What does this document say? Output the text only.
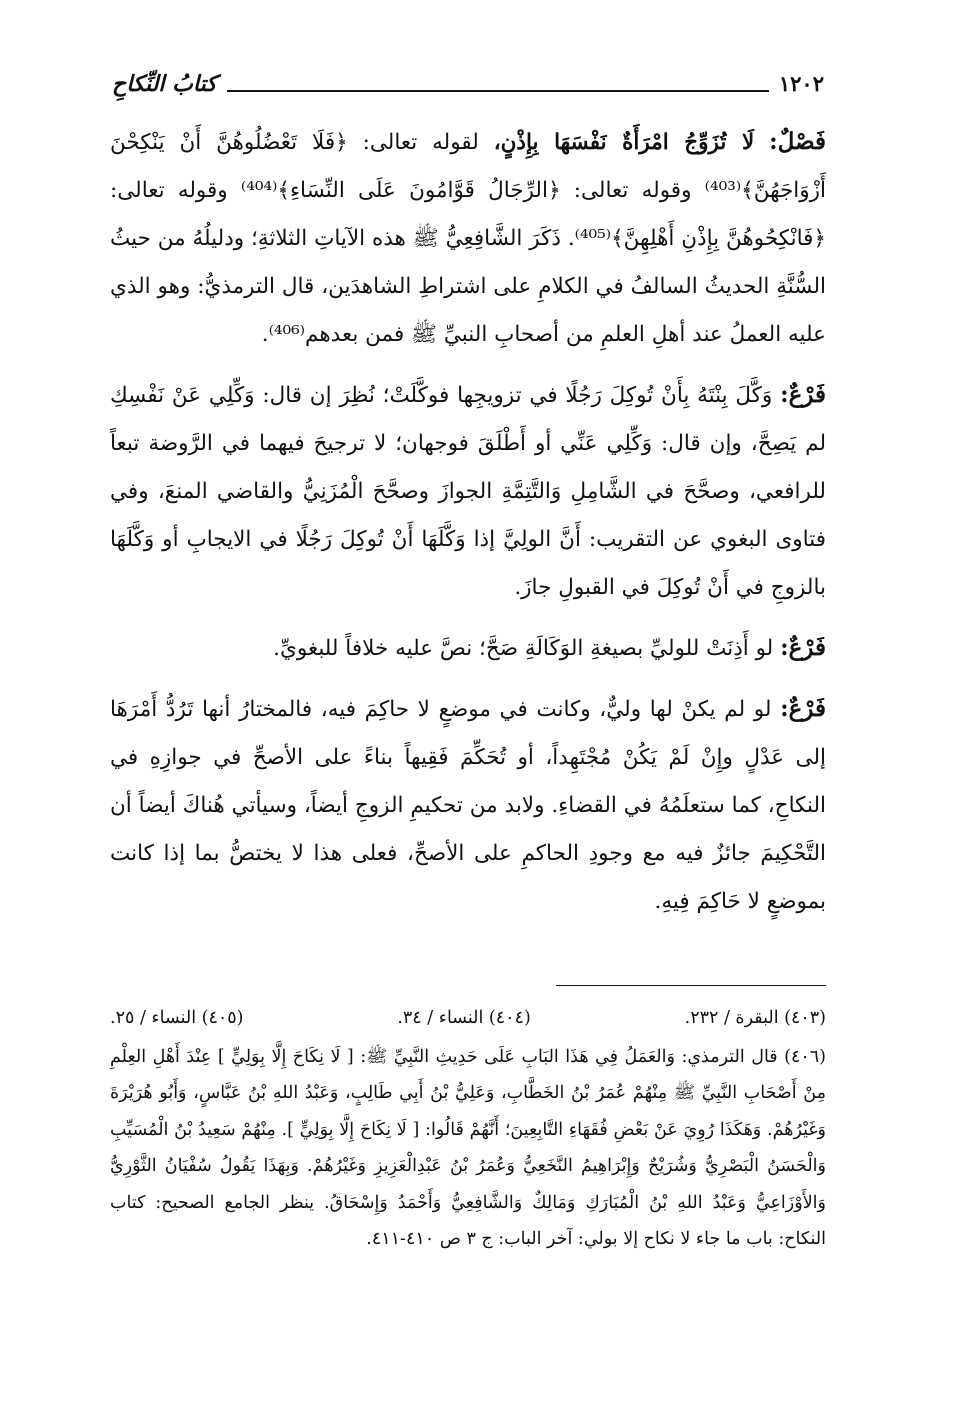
١٢٠٢
كتابُ النِّكاحِ

فَصْلٌ: لَا تُزَوِّجُ امْرَأَةٌ نَفْسَهَا بِإِذْنٍ، لقوله تعالى: ﴿فَلَا تَعْضُلُوهُنَّ أَنْ يَنْكِحْنَ أَزْوَاجَهُنَّ﴾⁽⁴⁰³⁾ وقوله تعالى: ﴿الرِّجَالُ قَوَّامُونَ عَلَى النِّسَاءِ﴾⁽⁴⁰⁴⁾ وقوله تعالى: ﴿فَانْكِحُوهُنَّ بِإِذْنِ أَهْلِهِنَّ﴾⁽⁴⁰⁵⁾. ذَكَرَ الشَّافِعِيُّ ﷺ هذه الآياتِ الثلاثةِ؛ ودليلُهُ من حيثُ السُّنَّةِ الحديثُ السالفُ في الكلامِ على اشتراطِ الشاهدَين، قال الترمذيُّ: وهو الذي عليه العملُ عند أهلِ العلمِ من أصحابِ النبيِّ ﷺ فمن بعدهم⁽⁴⁰⁶⁾.

فَرْعٌ: وَكَّلَ بِنْتَهُ بِأَنْ تُوكِلَ رَجُلًا في تزويجِها فوكَّلَتْ؛ نُظِرَ إن قال: وَكِّلِي عَنْ نَفْسِكِ لم يَصِحَّ، وإن قال: وَكِّلِي عَنِّي أو أَطْلَقَ فوجهان؛ لا ترجيحَ فيهما في الرَّوضة تبعاً للرافعي، وصحَّحَ في الشَّامِلِ وَالتَّتِمَّةِ الجوازَ وصحَّحَ الْمُزَنِيُّ والقاضي المنعَ، وفي فتاوى البغوي عن التقريب: أَنَّ الولِيَّ إذا وَكَّلَهَا أَنْ تُوكِلَ رَجُلًا في الايجابِ أو وَكَّلَهَا بالزوجِ في أَنْ تُوكِلَ في القبولِ جازَ.

فَرْعٌ: لو أَذِنَتْ للوليِّ بصيغةِ الوَكَالَةِ صَحَّ؛ نصَّ عليه خلافاً للبغويِّ.

فَرْعٌ: لو لم يكنْ لها وليٌّ، وكانت في موضعٍ لا حاكِمَ فيه، فالمختارُ أنها تَرُدُّ أَمْرَهَا إلى عَدْلٍ وإِنْ لَمْ يَكُنْ مُجْتَهِداً، أو تُحَكِّمَ فَقِيهاً بناءً على الأصحِّ في جوازِهِ في النكاحِ، كما ستعلَمُهُ في القضاءِ. ولابد من تحكيمِ الزوجِ أيضاً، وسيأتي هُناكَ أيضاً أن التَّحْكِيمَ جائزٌ فيه مع وجودِ الحاكمِ على الأصحِّ، فعلى هذا لا يختصُّ بما إذا كانت بموضعٍ لا حَاكِمَ فِيهِ.

(٤٠٣) البقرة / ٢٣٢.
(٤٠٤) النساء / ٣٤.
(٤٠٥) النساء / ٢٥.

(٤٠٦) قال الترمذي: وَالعَمَلُ فِي هَذَا البَابِ عَلَى حَدِيثِ النَّبِيِّ ﷺ: [ لَا نِكَاحَ إِلَّا بِوَلِيٍّ ] عِنْدَ أَهْلِ العِلْمِ مِنْ أَصْحَابِ النَّبِيِّ ﷺ مِنْهُمْ عُمَرُ بْنُ الخَطَّابِ، وَعَلِيُّ بْنُ أَبِي طَالِبٍ، وَعَبْدُ اللهِ بْنُ عَبَّاسٍ، وَأَبُو هُرَيْرَةَ وَغَيْرُهُمْ. وَهَكَذَا رُوِيَ عَنْ بَعْضِ فُقَهَاءِ التَّابِعِينَ؛ أَنَّهُمْ قَالُوا: [ لَا نِكَاحَ إِلَّا بِوَلِيٍّ ]. مِنْهُمْ سَعِيدُ بْنُ الْمُسَيِّبِ وَالْحَسَنُ الْبَصْرِيُّ وَشُرَيْحٌ وَإِبْرَاهِيمُ النَّخَعِيُّ وَعُمَرُ بْنُ عَبْدِالْعَزِيزِ وَغَيْرُهُمْ. وَبِهَذَا يَقُولُ سُفْيَانُ الثَّوْرِيُّ وَالأَوْزَاعِيُّ وَعَبْدُ اللهِ بْنُ الْمُبَارَكِ وَمَالِكٌ وَالشَّافِعِيُّ وَأَحْمَدُ وَإِسْحَاقُ. ينظر الجامع الصحيح: كتاب النكاح: باب ما جاء لا نكاح إلا بولي: آخر الباب: ج ٣ ص ٤١٠-٤١١.
